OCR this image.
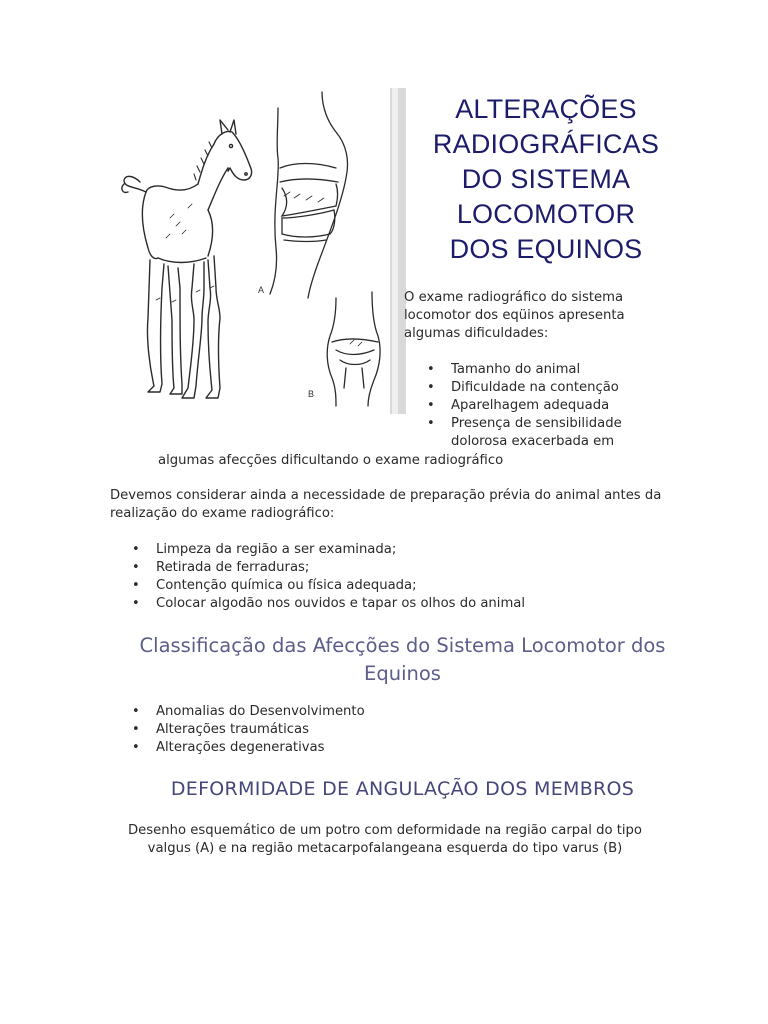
A
B
ALTERAÇÕES
RADIOGRÁFICAS
DO SISTEMA
LOCOMOTOR
DOS EQUINOS

O exame radiográfico do sistema locomotor dos eqüinos apresenta algumas dificuldades:

• Tamanho do animal
• Dificuldade na contenção
• Aparelhagem adequada
• Presença de sensibilidade dolorosa exacerbada em

algumas afecções dificultando o exame radiográfico

Devemos considerar ainda a necessidade de preparação prévia do animal antes da realização do exame radiográfico:

• Limpeza da região a ser examinada;
• Retirada de ferraduras;
• Contenção química ou física adequada;
• Colocar algodão nos ouvidos e tapar os olhos do animal
Classificação das Afecções do Sistema Locomotor dos Equinos
• Anomalias do Desenvolvimento
• Alterações traumáticas
• Alterações degenerativas
DEFORMIDADE DE ANGULAÇÃO DOS MEMBROS

Desenho esquemático de um potro com deformidade na região carpal do tipo valgus (A) e na região metacarpofalangeana esquerda do tipo varus (B)
